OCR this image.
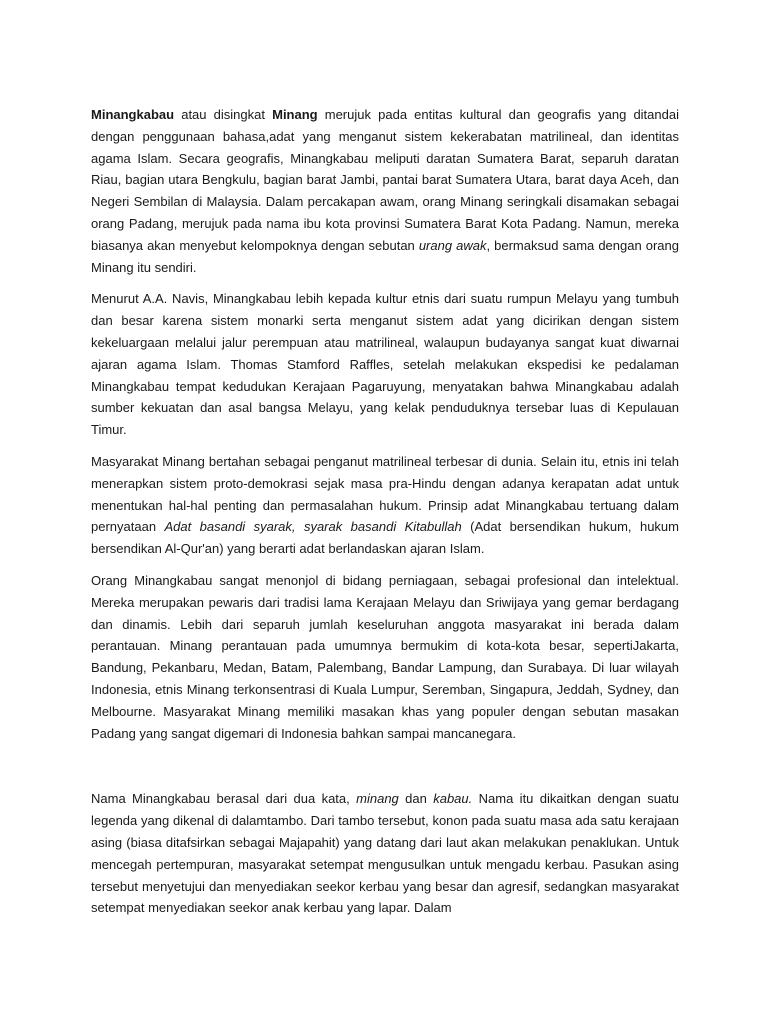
Minangkabau atau disingkat Minang merujuk pada entitas kultural dan geografis yang ditandai dengan penggunaan bahasa,adat yang menganut sistem kekerabatan matrilineal, dan identitas agama Islam. Secara geografis, Minangkabau meliputi daratan Sumatera Barat, separuh daratan Riau, bagian utara Bengkulu, bagian barat Jambi, pantai barat Sumatera Utara, barat daya Aceh, dan Negeri Sembilan di Malaysia. Dalam percakapan awam, orang Minang seringkali disamakan sebagai orang Padang, merujuk pada nama ibu kota provinsi Sumatera Barat Kota Padang. Namun, mereka biasanya akan menyebut kelompoknya dengan sebutan urang awak, bermaksud sama dengan orang Minang itu sendiri.

Menurut A.A. Navis, Minangkabau lebih kepada kultur etnis dari suatu rumpun Melayu yang tumbuh dan besar karena sistem monarki serta menganut sistem adat yang dicirikan dengan sistem kekeluargaan melalui jalur perempuan atau matrilineal, walaupun budayanya sangat kuat diwarnai ajaran agama Islam. Thomas Stamford Raffles, setelah melakukan ekspedisi ke pedalaman Minangkabau tempat kedudukan Kerajaan Pagaruyung, menyatakan bahwa Minangkabau adalah sumber kekuatan dan asal bangsa Melayu, yang kelak penduduknya tersebar luas di Kepulauan Timur.

Masyarakat Minang bertahan sebagai penganut matrilineal terbesar di dunia. Selain itu, etnis ini telah menerapkan sistem proto-demokrasi sejak masa pra-Hindu dengan adanya kerapatan adat untuk menentukan hal-hal penting dan permasalahan hukum. Prinsip adat Minangkabau tertuang dalam pernyataan Adat basandi syarak, syarak basandi Kitabullah (Adat bersendikan hukum, hukum bersendikan Al-Qur'an) yang berarti adat berlandaskan ajaran Islam.

Orang Minangkabau sangat menonjol di bidang perniagaan, sebagai profesional dan intelektual. Mereka merupakan pewaris dari tradisi lama Kerajaan Melayu dan Sriwijaya yang gemar berdagang dan dinamis. Lebih dari separuh jumlah keseluruhan anggota masyarakat ini berada dalam perantauan. Minang perantauan pada umumnya bermukim di kota-kota besar, sepertiJakarta, Bandung, Pekanbaru, Medan, Batam, Palembang, Bandar Lampung, dan Surabaya. Di luar wilayah Indonesia, etnis Minang terkonsentrasi di Kuala Lumpur, Seremban, Singapura, Jeddah, Sydney, dan Melbourne. Masyarakat Minang memiliki masakan khas yang populer dengan sebutan masakan Padang yang sangat digemari di Indonesia bahkan sampai mancanegara.

Nama Minangkabau berasal dari dua kata, minang dan kabau. Nama itu dikaitkan dengan suatu legenda yang dikenal di dalamtambo. Dari tambo tersebut, konon pada suatu masa ada satu kerajaan asing (biasa ditafsirkan sebagai Majapahit) yang datang dari laut akan melakukan penaklukan. Untuk mencegah pertempuran, masyarakat setempat mengusulkan untuk mengadu kerbau. Pasukan asing tersebut menyetujui dan menyediakan seekor kerbau yang besar dan agresif, sedangkan masyarakat setempat menyediakan seekor anak kerbau yang lapar. Dalam
